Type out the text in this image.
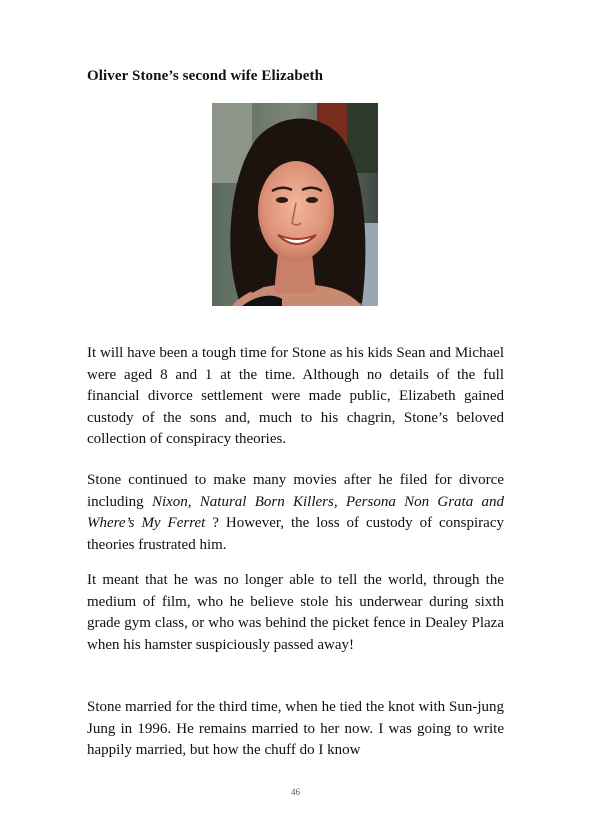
Oliver Stone’s second wife Elizabeth

It will have been a tough time for Stone as his kids Sean and Michael were aged 8 and 1 at the time. Although no details of the full financial divorce settlement were made public, Elizabeth gained custody of the sons and, much to his chagrin, Stone’s beloved collection of conspiracy theories.

Stone continued to make many movies after he filed for divorce including Nixon, Natural Born Killers, Persona Non Grata and Where’s My Ferret ? However, the loss of custody of conspiracy theories frustrated him.

It meant that he was no longer able to tell the world, through the medium of film, who he believe stole his underwear during sixth grade gym class, or who was behind the picket fence in Dealey Plaza when his hamster suspiciously passed away!

Stone married for the third time, when he tied the knot with Sun-jung Jung in 1996. He remains married to her now. I was going to write happily married, but how the chuff do I know

46
